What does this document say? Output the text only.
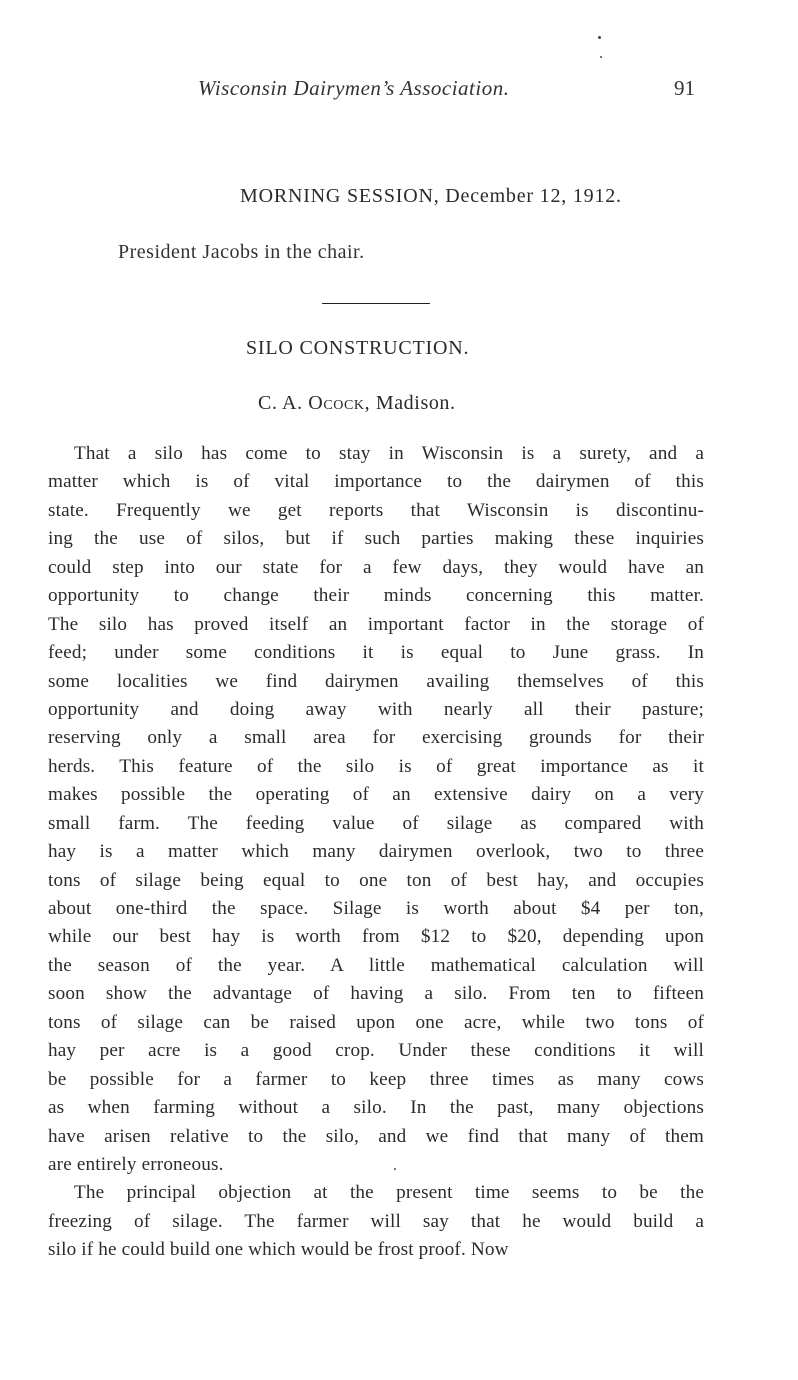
Wisconsin Dairymen’s Association.	91
MORNING SESSION, December 12, 1912.
President Jacobs in the chair.
SILO CONSTRUCTION.
C. A. Ocock, Madison.
That a silo has come to stay in Wisconsin is a surety, and a
matter which is of vital importance to the dairymen of this
state. Frequently we get reports that Wisconsin is discontinu-
ing the use of silos, but if such parties making these inquiries
could step into our state for a few days, they would have an
opportunity to change their minds concerning this matter.
The silo has proved itself an important factor in the storage of
feed; under some conditions it is equal to June grass. In
some localities we find dairymen availing themselves of this
opportunity and doing away with nearly all their pasture;
reserving only a small area for exercising grounds for their
herds. This feature of the silo is of great importance as it
makes possible the operating of an extensive dairy on a very
small farm. The feeding value of silage as compared with
hay is a matter which many dairymen overlook, two to three
tons of silage being equal to one ton of best hay, and occupies
about one-third the space. Silage is worth about $4 per ton,
while our best hay is worth from $12 to $20, depending upon
the season of the year. A little mathematical calculation will
soon show the advantage of having a silo. From ten to fifteen
tons of silage can be raised upon one acre, while two tons of
hay per acre is a good crop. Under these conditions it will
be possible for a farmer to keep three times as many cows
as when farming without a silo. In the past, many objections
have arisen relative to the silo, and we find that many of them
are entirely erroneous.
The principal objection at the present time seems to be the
freezing of silage. The farmer will say that he would build a
silo if he could build one which would be frost proof. Now
